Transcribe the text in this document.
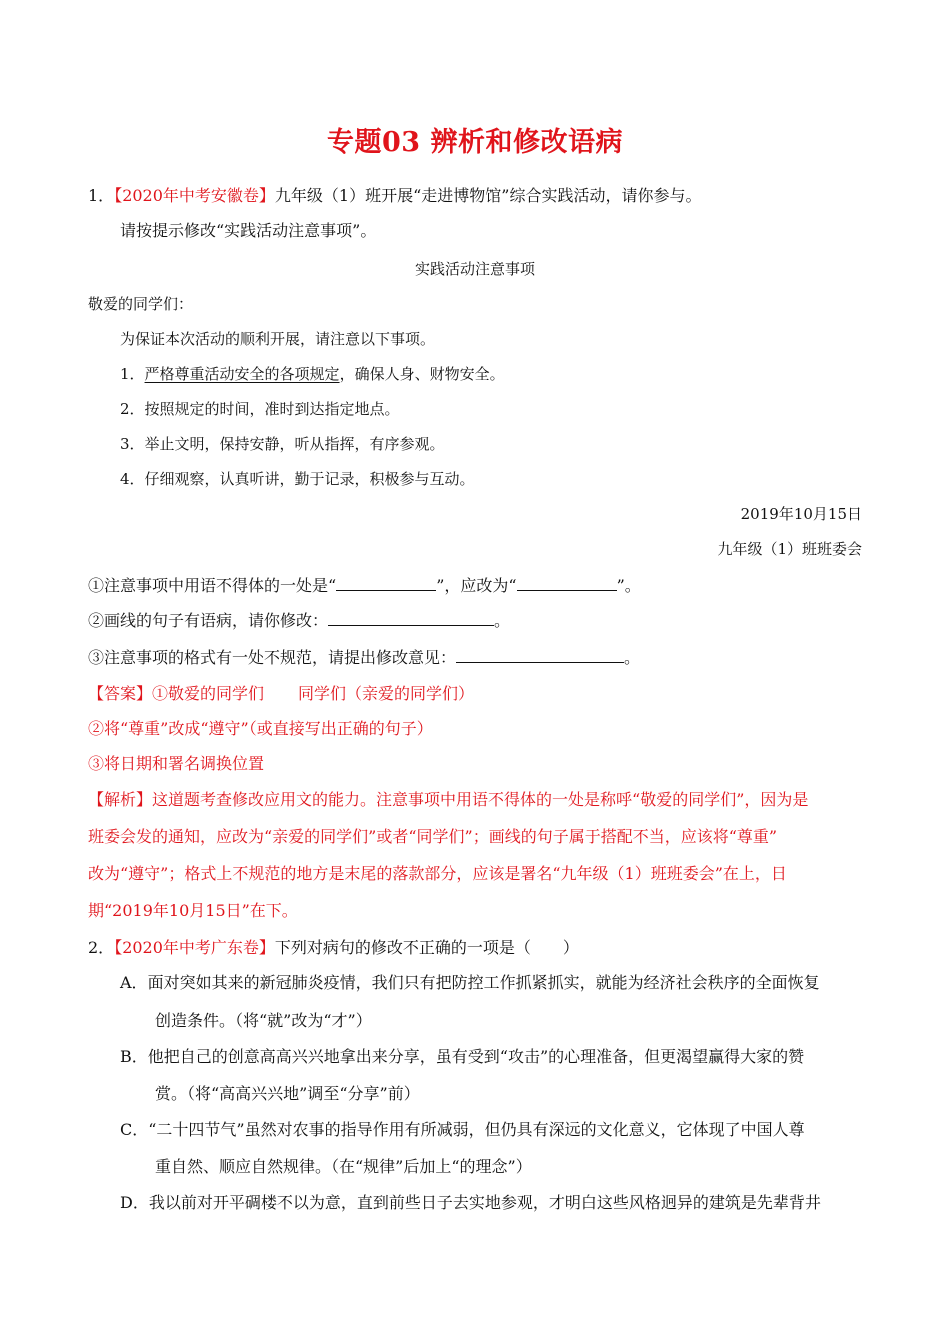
专题03 辨析和修改语病
1．【2020年中考安徽卷】九年级（1）班开展“走进博物馆”综合实践活动，请你参与。
请按提示修改“实践活动注意事项”。
实践活动注意事项
敬爱的同学们：
为保证本次活动的顺利开展，请注意以下事项。
1．严格尊重活动安全的各项规定，确保人身、财物安全。
2．按照规定的时间，准时到达指定地点。
3．举止文明，保持安静，听从指挥，有序参观。
4．仔细观察，认真听讲，勤于记录，积极参与互动。
2019年10月15日
九年级（1）班班委会
①注意事项中用语不得体的一处是“	”，应改为“	”。
②画线的句子有语病，请你修改：	。
③注意事项的格式有一处不规范，请提出修改意见：	。
【答案】①敬爱的同学们 同学们（亲爱的同学们）
②将“尊重”改成“遵守”（或直接写出正确的句子）
③将日期和署名调换位置
【解析】这道题考查修改应用文的能力。注意事项中用语不得体的一处是称呼“敬爱的同学们”，因为是
班委会发的通知，应改为“亲爱的同学们”或者“同学们”；画线的句子属于搭配不当，应该将“尊重”
改为“遵守”；格式上不规范的地方是末尾的落款部分，应该是署名“九年级（1）班班委会”在上，日
期“2019年10月15日”在下。
2．【2020年中考广东卷】下列对病句的修改不正确的一项是（　　）
A．面对突如其来的新冠肺炎疫情，我们只有把防控工作抓紧抓实，就能为经济社会秩序的全面恢复
创造条件。（将“就”改为“才”）
B．他把自己的创意高高兴兴地拿出来分享，虽有受到“攻击”的心理准备，但更渴望赢得大家的赞
赏。（将“高高兴兴地”调至“分享”前）
C．“二十四节气”虽然对农事的指导作用有所减弱，但仍具有深远的文化意义，它体现了中国人尊
重自然、顺应自然规律。（在“规律”后加上“的理念”）
D．我以前对开平碉楼不以为意，直到前些日子去实地参观，才明白这些风格迥异的建筑是先辈背井
